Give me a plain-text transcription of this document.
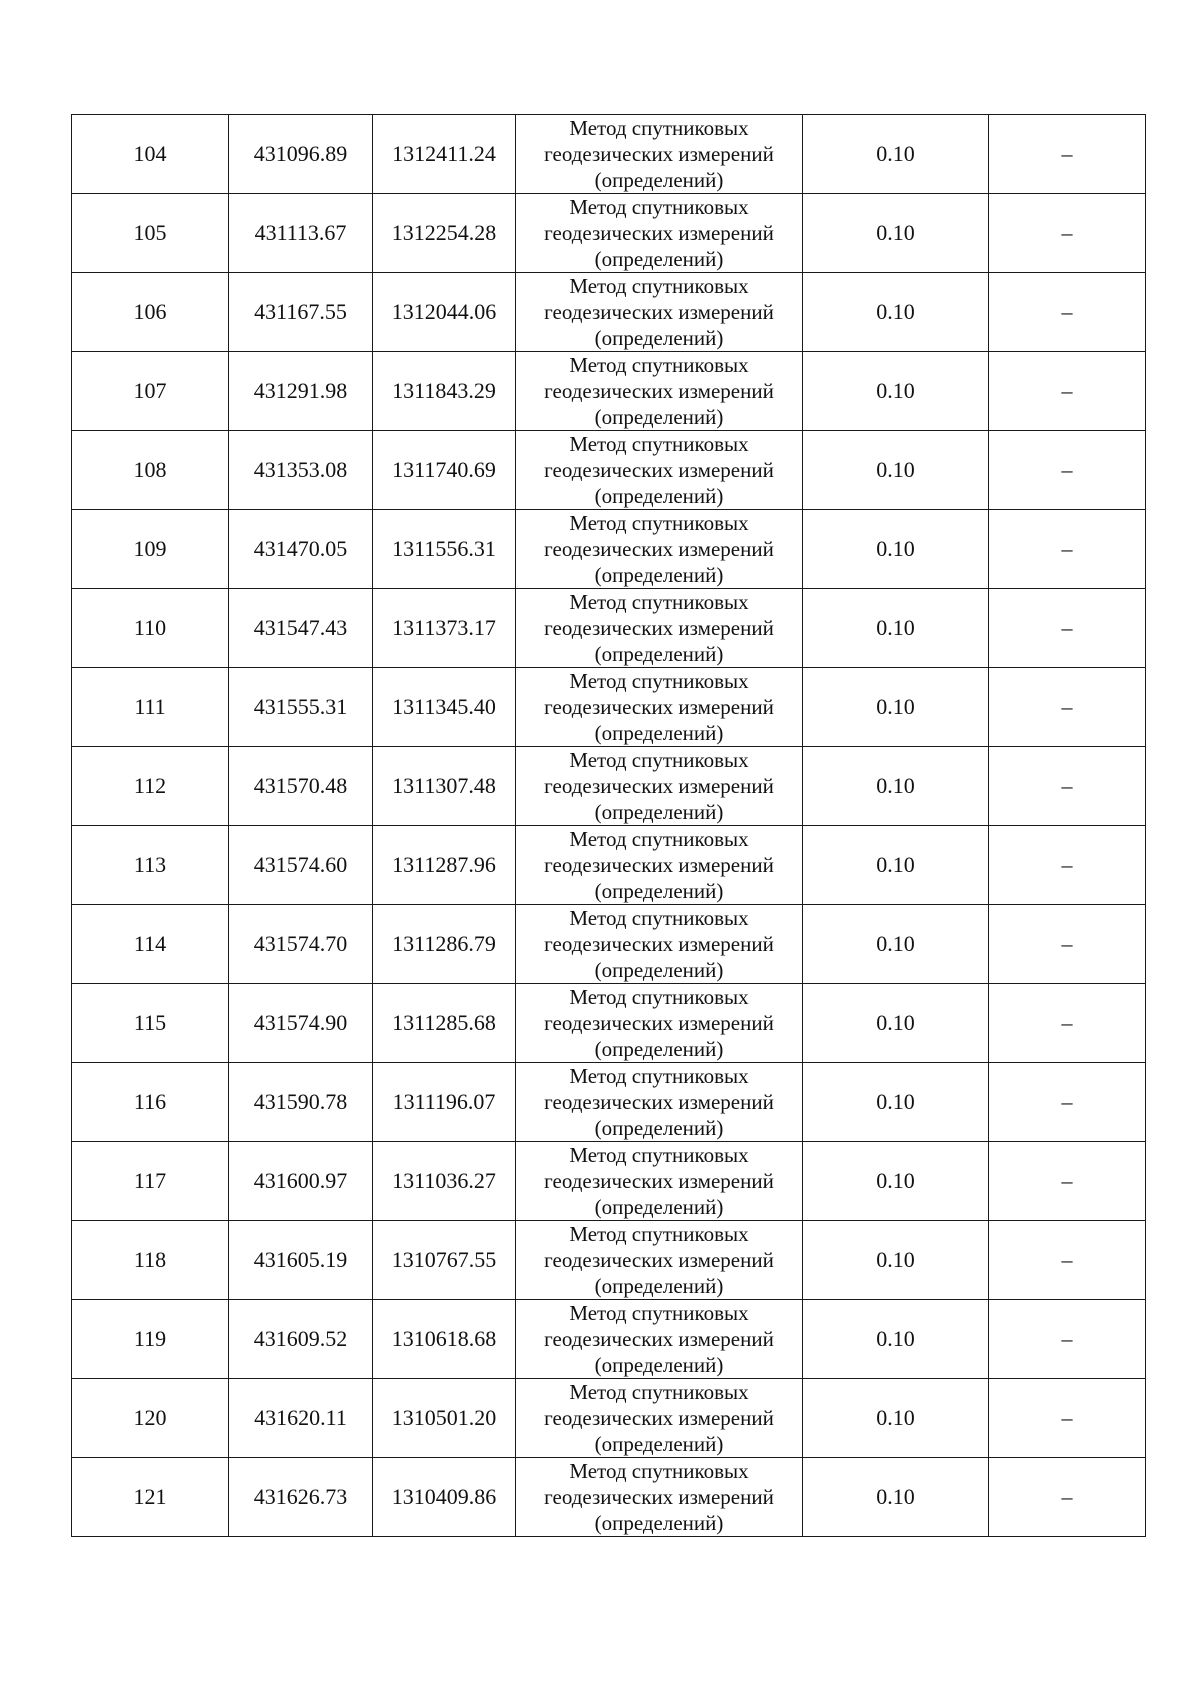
104	431096.89	1312411.24	Метод спутниковых
геодезических измерений
(определений)	0.10	–
105	431113.67	1312254.28	Метод спутниковых
геодезических измерений
(определений)	0.10	–
106	431167.55	1312044.06	Метод спутниковых
геодезических измерений
(определений)	0.10	–
107	431291.98	1311843.29	Метод спутниковых
геодезических измерений
(определений)	0.10	–
108	431353.08	1311740.69	Метод спутниковых
геодезических измерений
(определений)	0.10	–
109	431470.05	1311556.31	Метод спутниковых
геодезических измерений
(определений)	0.10	–
110	431547.43	1311373.17	Метод спутниковых
геодезических измерений
(определений)	0.10	–
111	431555.31	1311345.40	Метод спутниковых
геодезических измерений
(определений)	0.10	–
112	431570.48	1311307.48	Метод спутниковых
геодезических измерений
(определений)	0.10	–
113	431574.60	1311287.96	Метод спутниковых
геодезических измерений
(определений)	0.10	–
114	431574.70	1311286.79	Метод спутниковых
геодезических измерений
(определений)	0.10	–
115	431574.90	1311285.68	Метод спутниковых
геодезических измерений
(определений)	0.10	–
116	431590.78	1311196.07	Метод спутниковых
геодезических измерений
(определений)	0.10	–
117	431600.97	1311036.27	Метод спутниковых
геодезических измерений
(определений)	0.10	–
118	431605.19	1310767.55	Метод спутниковых
геодезических измерений
(определений)	0.10	–
119	431609.52	1310618.68	Метод спутниковых
геодезических измерений
(определений)	0.10	–
120	431620.11	1310501.20	Метод спутниковых
геодезических измерений
(определений)	0.10	–
121	431626.73	1310409.86	Метод спутниковых
геодезических измерений
(определений)	0.10	–
